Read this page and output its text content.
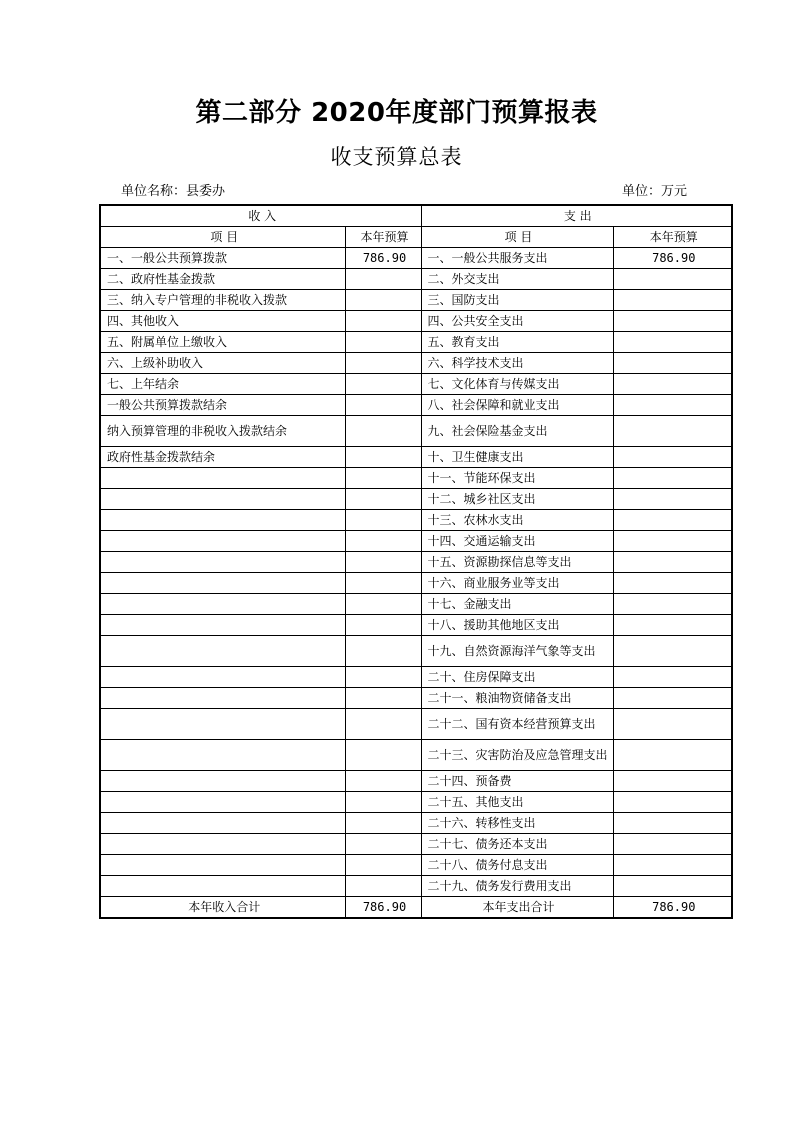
第二部分 2020年度部门预算报表
收支预算总表
单位名称：县委办	单位：万元
收 入		支 出	
项 目	本年预算	项 目	本年预算
一、一般公共预算拨款	786.90	一、一般公共服务支出	786.90
二、政府性基金拨款		二、外交支出	
三、纳入专户管理的非税收入拨款		三、国防支出	
四、其他收入		四、公共安全支出	
五、附属单位上缴收入		五、教育支出	
六、上级补助收入		六、科学技术支出	
七、上年结余		七、文化体育与传媒支出	
一般公共预算拨款结余		八、社会保障和就业支出	
纳入预算管理的非税收入拨款结余		九、社会保险基金支出	
政府性基金拨款结余		十、卫生健康支出	
		十一、节能环保支出	
		十二、城乡社区支出	
		十三、农林水支出	
		十四、交通运输支出	
		十五、资源勘探信息等支出	
		十六、商业服务业等支出	
		十七、金融支出	
		十八、援助其他地区支出	
		十九、自然资源海洋气象等支出	
		二十、住房保障支出	
		二十一、粮油物资储备支出	
		二十二、国有资本经营预算支出	
		二十三、灾害防治及应急管理支出	
		二十四、预备费	
		二十五、其他支出	
		二十六、转移性支出	
		二十七、债务还本支出	
		二十八、债务付息支出	
		二十九、债务发行费用支出	
本年收入合计	786.90	本年支出合计	786.90
